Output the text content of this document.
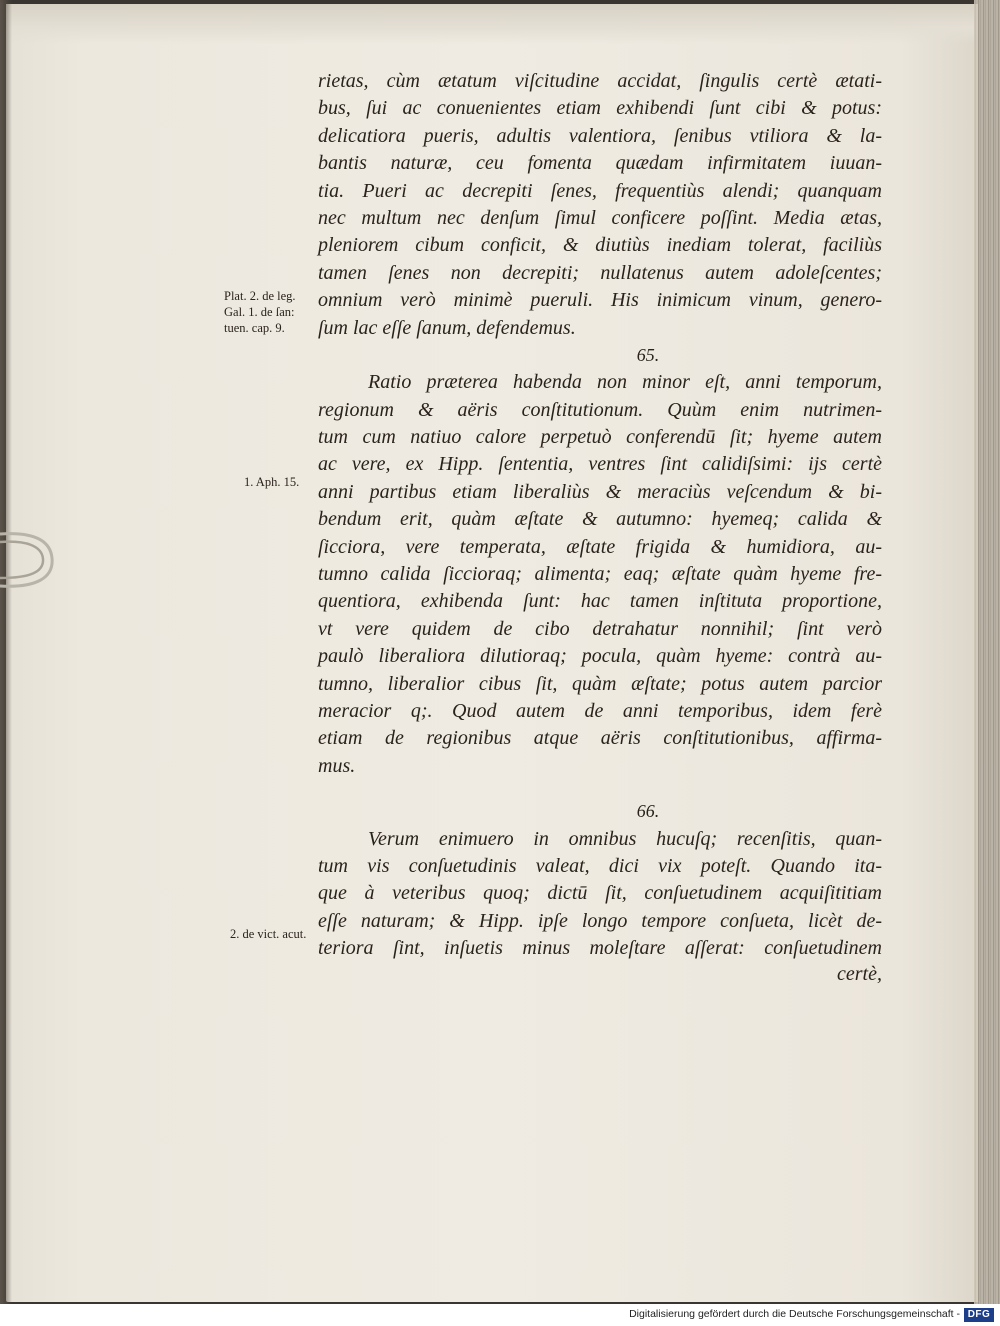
Plat. 2. de leg.
Gal. 1. de ſan:
tuen. cap. 9.
1. Aph. 15.
2. de vict. acut.
rietas, cùm ætatum viſcitudine accidat, ſingulis certè ætati-
bus, ſui ac conuenientes etiam exhibendi ſunt cibi & potus:
delicatiora pueris, adultis valentiora, ſenibus vtiliora & la-
bantis naturæ, ceu fomenta quædam infirmitatem iuuan-
tia. Pueri ac decrepiti ſenes, frequentiùs alendi; quanquam
nec multum nec denſum ſimul conficere poſſint. Media ætas,
pleniorem cibum conficit, & diutiùs inediam tolerat, faciliùs
tamen ſenes non decrepiti; nullatenus autem adoleſcentes;
omnium verò minimè pueruli. His inimicum vinum, genero-
ſum lac eſſe ſanum, defendemus.
65.
Ratio præterea habenda non minor eſt, anni temporum,
regionum & aëris conſtitutionum. Quùm enim nutrimen-
tum cum natiuo calore perpetuò conferendū ſit; hyeme autem
ac vere, ex Hipp. ſententia, ventres ſint calidiſsimi: ijs certè
anni partibus etiam liberaliùs & meraciùs veſcendum & bi-
bendum erit, quàm æſtate & autumno: hyemeq; calida &
ſicciora, vere temperata, æſtate frigida & humidiora, au-
tumno calida ſiccioraq; alimenta; eaq; æſtate quàm hyeme fre-
quentiora, exhibenda ſunt: hac tamen inſtituta proportione,
vt vere quidem de cibo detrahatur nonnihil; ſint verò
paulò liberaliora dilutioraq; pocula, quàm hyeme: contrà au-
tumno, liberalior cibus ſit, quàm æſtate; potus autem parcior
meracior q;. Quod autem de anni temporibus, idem ferè
etiam de regionibus atque aëris conſtitutionibus, affirma-
mus.
66.
Verum enimuero in omnibus hucuſq; recenſitis, quan-
tum vis conſuetudinis valeat, dici vix poteſt. Quando ita-
que à veteribus quoq; dictū ſit, conſuetudinem acquiſititiam
eſſe naturam; & Hipp. ipſe longo tempore conſueta, licèt de-
teriora ſint, inſuetis minus moleſtare aſſerat: conſuetudinem
certè,
Digitalisierung gefördert durch die Deutsche Forschungsgemeinschaft - DFG
